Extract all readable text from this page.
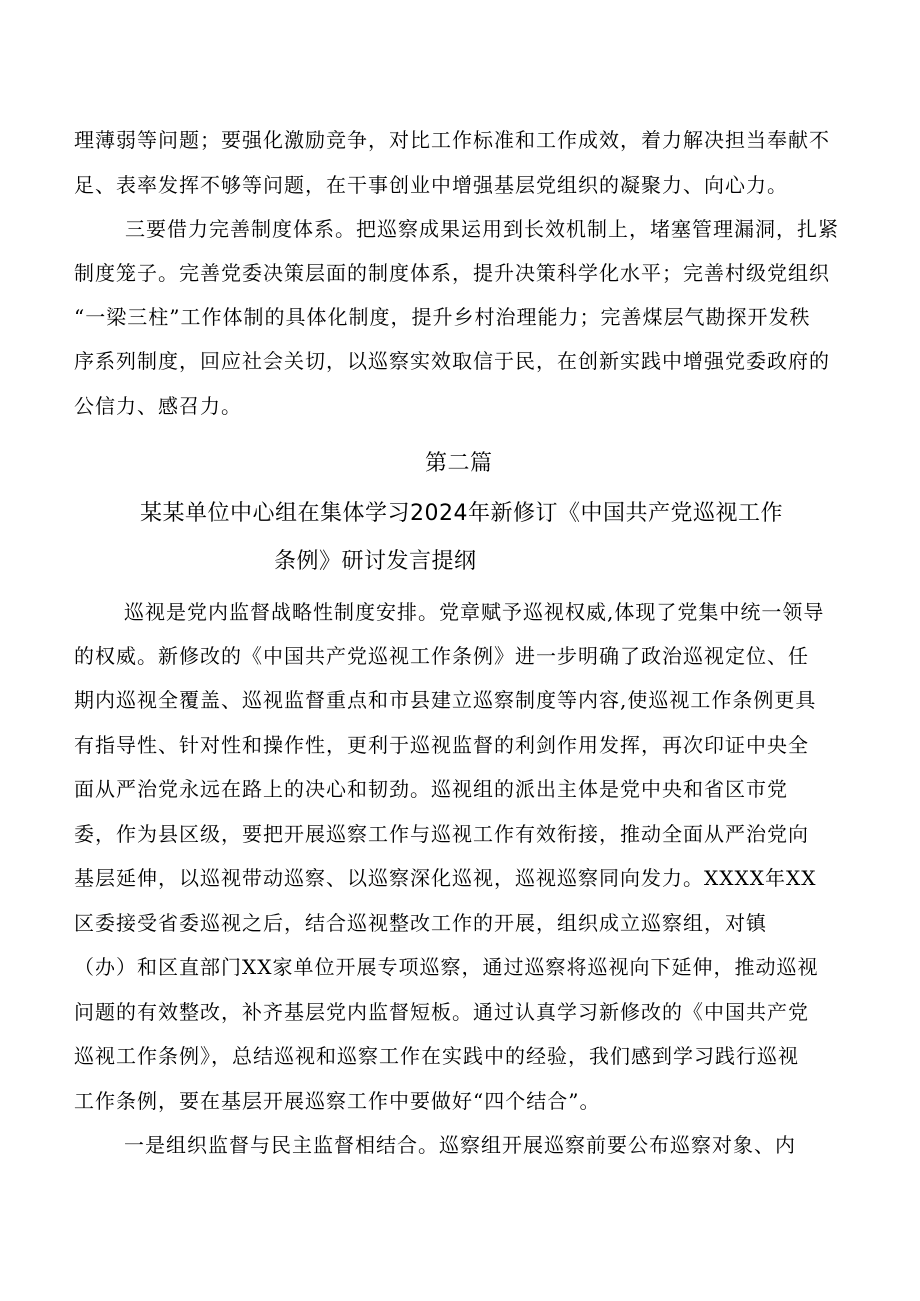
理薄弱等问题；要强化激励竞争，对比工作标准和工作成效，着力解决担当奉献不

足、表率发挥不够等问题，在干事创业中增强基层党组织的凝聚力、向心力。

三要借力完善制度体系。把巡察成果运用到长效机制上，堵塞管理漏洞，扎紧

制度笼子。完善党委决策层面的制度体系，提升决策科学化水平；完善村级党组织

“一梁三柱”工作体制的具体化制度，提升乡村治理能力；完善煤层气勘探开发秩

序系列制度，回应社会关切，以巡察实效取信于民，在创新实践中增强党委政府的

公信力、感召力。

第二篇
某某单位中心组在集体学习2024年新修订《中国共产党巡视工作
条例》研讨发言提纲

巡视是党内监督战略性制度安排。党章赋予巡视权威,体现了党集中统一领导

的权威。新修改的《中国共产党巡视工作条例》进一步明确了政治巡视定位、任

期内巡视全覆盖、巡视监督重点和市县建立巡察制度等内容,使巡视工作条例更具

有指导性、针对性和操作性，更利于巡视监督的利剑作用发挥，再次印证中央全

面从严治党永远在路上的决心和韧劲。巡视组的派出主体是党中央和省区市党

委，作为县区级，要把开展巡察工作与巡视工作有效衔接，推动全面从严治党向

基层延伸，以巡视带动巡察、以巡察深化巡视，巡视巡察同向发力。XXXX年XX

区委接受省委巡视之后，结合巡视整改工作的开展，组织成立巡察组，对镇

（办）和区直部门XX家单位开展专项巡察，通过巡察将巡视向下延伸，推动巡视

问题的有效整改，补齐基层党内监督短板。通过认真学习新修改的《中国共产党

巡视工作条例》，总结巡视和巡察工作在实践中的经验，我们感到学习践行巡视

工作条例，要在基层开展巡察工作中要做好“四个结合”。

一是组织监督与民主监督相结合。巡察组开展巡察前要公布巡察对象、内
